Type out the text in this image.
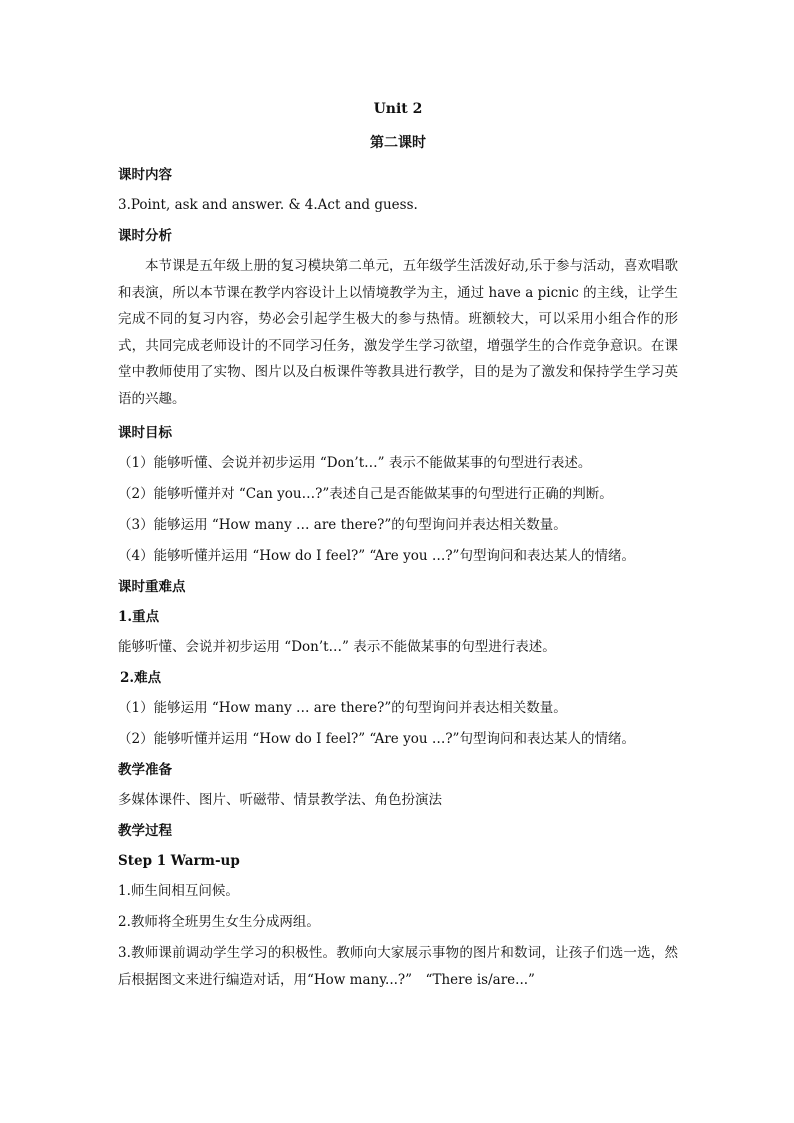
Unit 2

第二课时

课时内容

3.Point, ask and answer. & 4.Act and guess.

课时分析

本节课是五年级上册的复习模块第二单元，五年级学生活泼好动,乐于参与活动，喜欢唱歌和表演，所以本节课在教学内容设计上以情境教学为主，通过 have a picnic 的主线，让学生完成不同的复习内容，势必会引起学生极大的参与热情。班额较大，可以采用小组合作的形式，共同完成老师设计的不同学习任务，激发学生学习欲望，增强学生的合作竞争意识。在课堂中教师使用了实物、图片以及白板课件等教具进行教学，目的是为了激发和保持学生学习英语的兴趣。

课时目标

（1）能够听懂、会说并初步运用 “Don’t…” 表示不能做某事的句型进行表述。

（2）能够听懂并对 “Can you…?”表述自己是否能做某事的句型进行正确的判断。

（3）能够运用 “How many … are there?”的句型询问并表达相关数量。

（4）能够听懂并运用 “How do I feel?” “Are you …?”句型询问和表达某人的情绪。

课时重难点

1.重点

能够听懂、会说并初步运用 “Don’t…” 表示不能做某事的句型进行表述。

2.难点

（1）能够运用 “How many … are there?”的句型询问并表达相关数量。

（2）能够听懂并运用 “How do I feel?” “Are you …?”句型询问和表达某人的情绪。

教学准备

多媒体课件、图片、听磁带、情景教学法、角色扮演法

教学过程

Step 1 Warm-up

1.师生间相互问候。

2.教师将全班男生女生分成两组。

3.教师课前调动学生学习的积极性。教师向大家展示事物的图片和数词，让孩子们选一选，然后根据图文来进行编造对话，用“How many...?”　“There is/are...”
